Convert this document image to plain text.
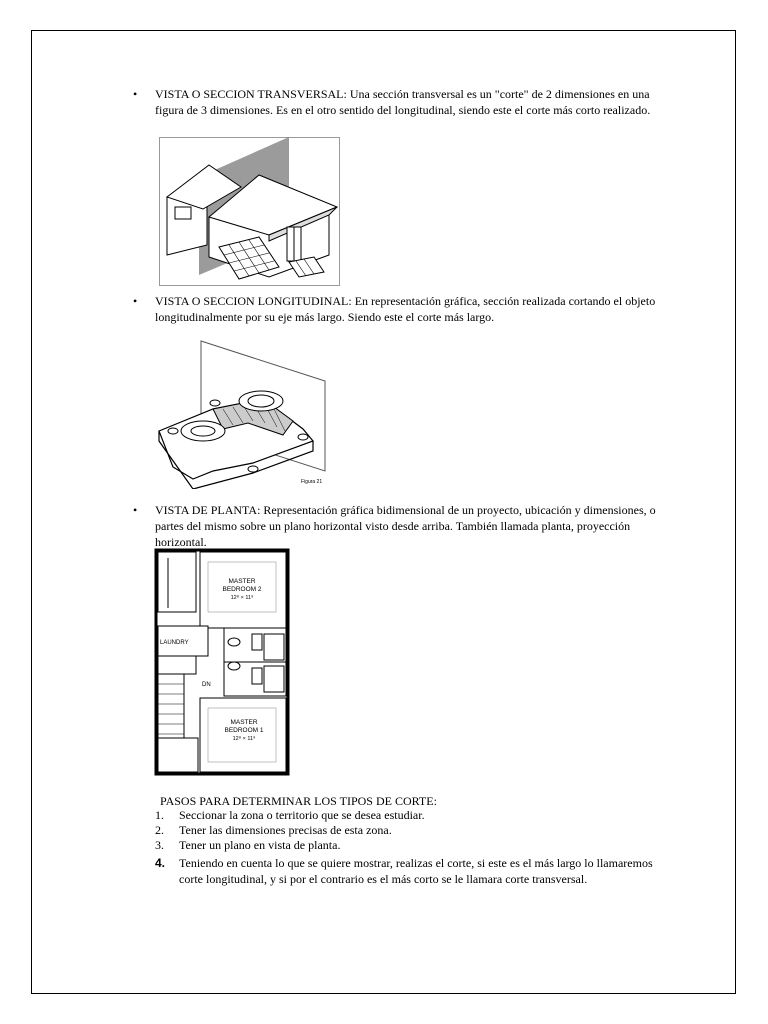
• VISTA O SECCION TRANSVERSAL: Una sección transversal es un "corte" de 2 dimensiones en una figura de 3 dimensiones. Es en el otro sentido del longitudinal, siendo este el corte más corto realizado.
• VISTA O SECCION LONGITUDINAL: En representación gráfica, sección realizada cortando el objeto longitudinalmente por su eje más largo. Siendo este el corte más largo.
Figura 21
• VISTA DE PLANTA: Representación gráfica bidimensional de un proyecto, ubicación y dimensiones, o partes del mismo sobre un plano horizontal visto desde arriba. También llamada planta, proyección horizontal.
MASTER
BEDROOM 2
12⁸ × 11⁹
LAUNDRY
DN
MASTER
BEDROOM 1
12⁸ × 11⁹
PASOS PARA DETERMINAR LOS TIPOS DE CORTE:
1. Seccionar la zona o territorio que se desea estudiar.
2. Tener las dimensiones precisas de esta zona.
3. Tener un plano en vista de planta.
4. Teniendo en cuenta lo que se quiere mostrar, realizas el corte, si este es el más largo lo llamaremos corte longitudinal, y si por el contrario es el más corto se le llamara corte transversal.
